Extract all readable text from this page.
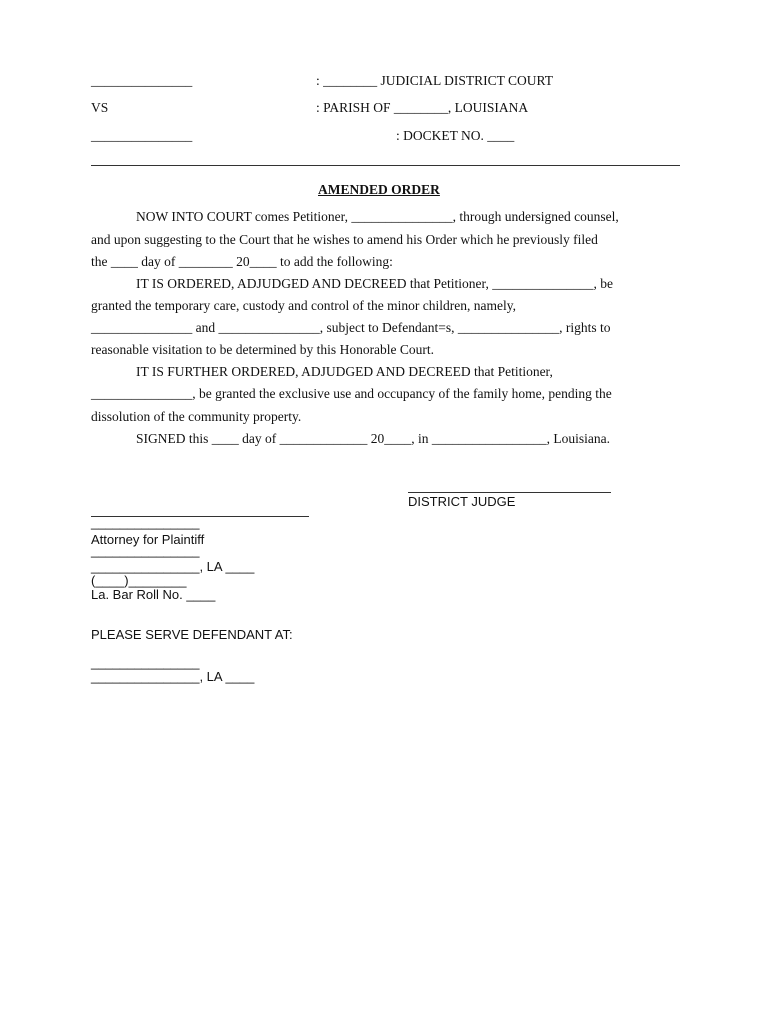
_______________	: ________ JUDICIAL DISTRICT COURT
VS	: PARISH OF ________, LOUISIANA
_______________	: DOCKET NO. ____
AMENDED ORDER
NOW INTO COURT comes Petitioner, _______________, through undersigned counsel,
and upon suggesting to the Court that he wishes to amend his Order which he previously filed
the ____ day of ________ 20____ to add the following:
IT IS ORDERED, ADJUDGED AND DECREED that Petitioner, _______________, be
granted the temporary care, custody and control of the minor children, namely,
_______________ and _______________, subject to Defendant=s, _______________, rights to
reasonable visitation to be determined by this Honorable Court.
IT IS FURTHER ORDERED, ADJUDGED AND DECREED that Petitioner,
_______________, be granted the exclusive use and occupancy of the family home, pending the
dissolution of the community property.
SIGNED this ____ day of _____________ 20____, in _________________, Louisiana.
DISTRICT JUDGE
_______________
Attorney for Plaintiff
_______________
_______________, LA ____
(____)________
La. Bar Roll No. ____
PLEASE SERVE DEFENDANT AT:
_______________
_______________, LA ____
